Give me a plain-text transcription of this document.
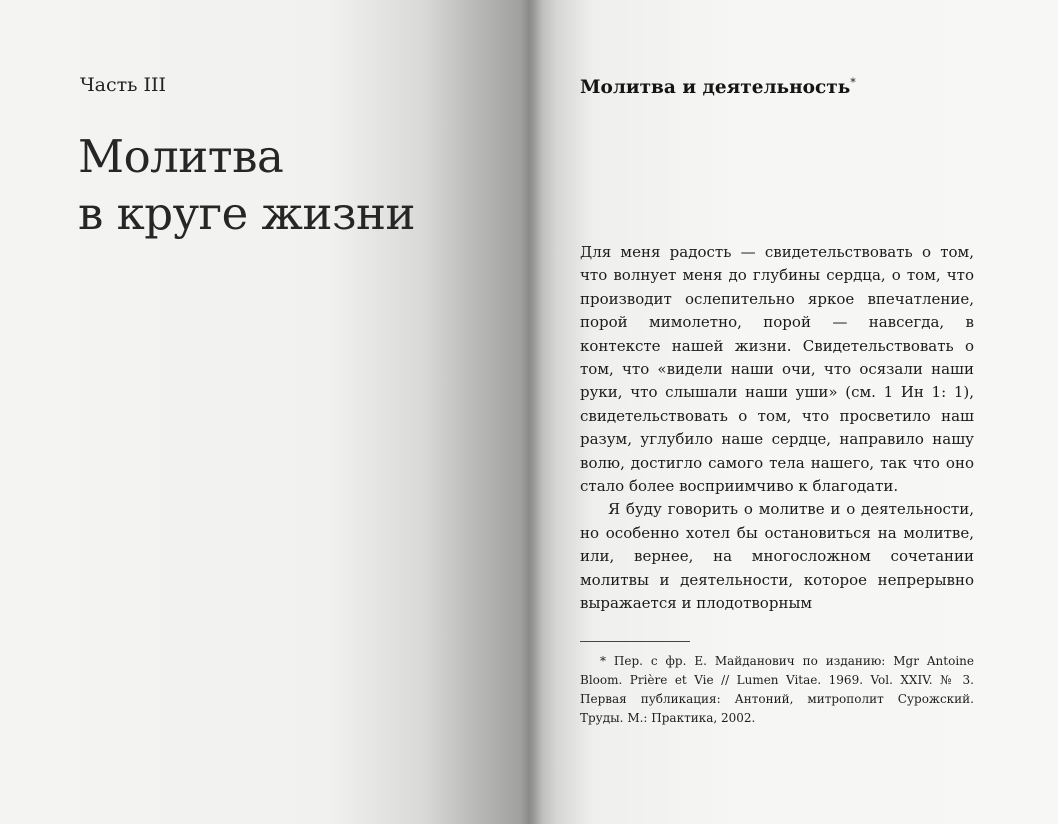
Часть III
Молитва
в круге жизни
Молитва и деятельность*

Для меня радость — свидетельствовать о том, что волнует меня до глубины сердца, о том, что производит ослепительно яркое впечатление, порой мимолетно, порой — навсегда, в контексте нашей жизни. Свидетельствовать о том, что «видели наши очи, что осязали наши руки, что слышали наши уши» (см. 1 Ин 1: 1), свидетельствовать о том, что просветило наш разум, углубило наше сердце, направило нашу волю, достигло самого тела нашего, так что оно стало более восприимчиво к благодати.

Я буду говорить о молитве и о деятельности, но особенно хотел бы остановиться на молитве, или, вернее, на многосложном сочетании молитвы и деятельности, которое непрерывно выражается и плодотворным

* Пер. с фр. Е. Майданович по изданию: Mgr Antoine Bloom. Prière et Vie // Lumen Vitae. 1969. Vol. XXIV. № 3. Первая публикация: Антоний, митрополит Сурожский. Труды. М.: Практика, 2002.
